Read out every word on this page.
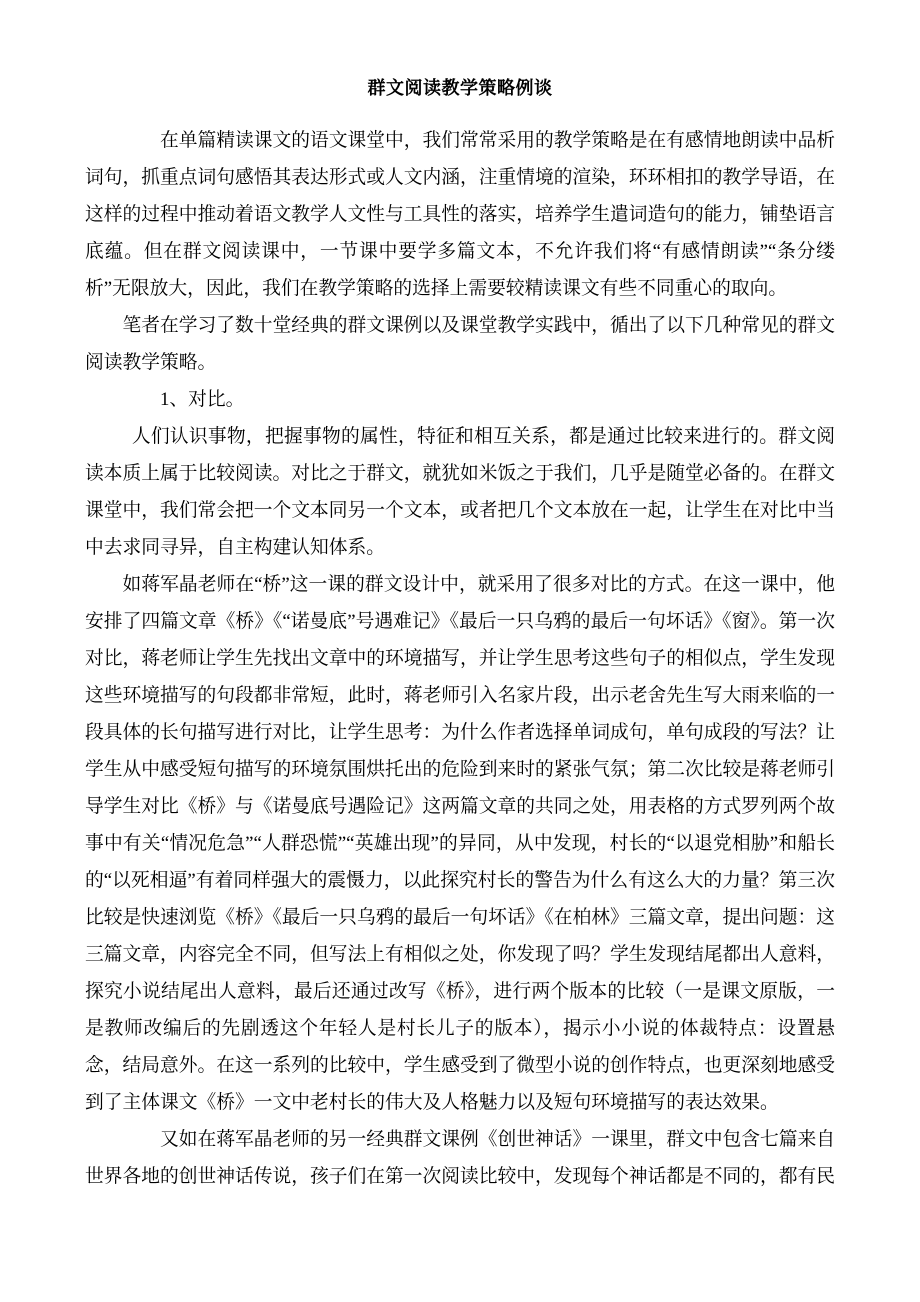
群文阅读教学策略例谈

在单篇精读课文的语文课堂中，我们常常采用的教学策略是在有感情地朗读中品析词句，抓重点词句感悟其表达形式或人文内涵，注重情境的渲染，环环相扣的教学导语，在这样的过程中推动着语文教学人文性与工具性的落实，培养学生遣词造句的能力，铺垫语言底蕴。但在群文阅读课中，一节课中要学多篇文本，不允许我们将“有感情朗读”“条分缕析”无限放大，因此，我们在教学策略的选择上需要较精读课文有些不同重心的取向。

笔者在学习了数十堂经典的群文课例以及课堂教学实践中，循出了以下几种常见的群文阅读教学策略。

1、对比。

人们认识事物，把握事物的属性，特征和相互关系，都是通过比较来进行的。群文阅读本质上属于比较阅读。对比之于群文，就犹如米饭之于我们，几乎是随堂必备的。在群文课堂中，我们常会把一个文本同另一个文本，或者把几个文本放在一起，让学生在对比中当中去求同寻异，自主构建认知体系。

如蒋军晶老师在“桥”这一课的群文设计中，就采用了很多对比的方式。在这一课中，他安排了四篇文章《桥》《“诺曼底”号遇难记》《最后一只乌鸦的最后一句坏话》《窗》。第一次对比，蒋老师让学生先找出文章中的环境描写，并让学生思考这些句子的相似点，学生发现这些环境描写的句段都非常短，此时，蒋老师引入名家片段，出示老舍先生写大雨来临的一段具体的长句描写进行对比，让学生思考：为什么作者选择单词成句，单句成段的写法？让学生从中感受短句描写的环境氛围烘托出的危险到来时的紧张气氛；第二次比较是蒋老师引导学生对比《桥》与《诺曼底号遇险记》这两篇文章的共同之处，用表格的方式罗列两个故事中有关“情况危急”“人群恐慌”“英雄出现”的异同，从中发现，村长的“以退党相胁”和船长的“以死相逼”有着同样强大的震慑力，以此探究村长的警告为什么有这么大的力量？第三次比较是快速浏览《桥》《最后一只乌鸦的最后一句坏话》《在柏林》三篇文章，提出问题：这三篇文章，内容完全不同，但写法上有相似之处，你发现了吗？学生发现结尾都出人意料，探究小说结尾出人意料，最后还通过改写《桥》，进行两个版本的比较（一是课文原版，一是教师改编后的先剧透这个年轻人是村长儿子的版本），揭示小小说的体裁特点：设置悬念，结局意外。在这一系列的比较中，学生感受到了微型小说的创作特点，也更深刻地感受到了主体课文《桥》一文中老村长的伟大及人格魅力以及短句环境描写的表达效果。

又如在蒋军晶老师的另一经典群文课例《创世神话》一课里，群文中包含七篇来自世界各地的创世神话传说，孩子们在第一次阅读比较中，发现每个神话都是不同的，都有民
